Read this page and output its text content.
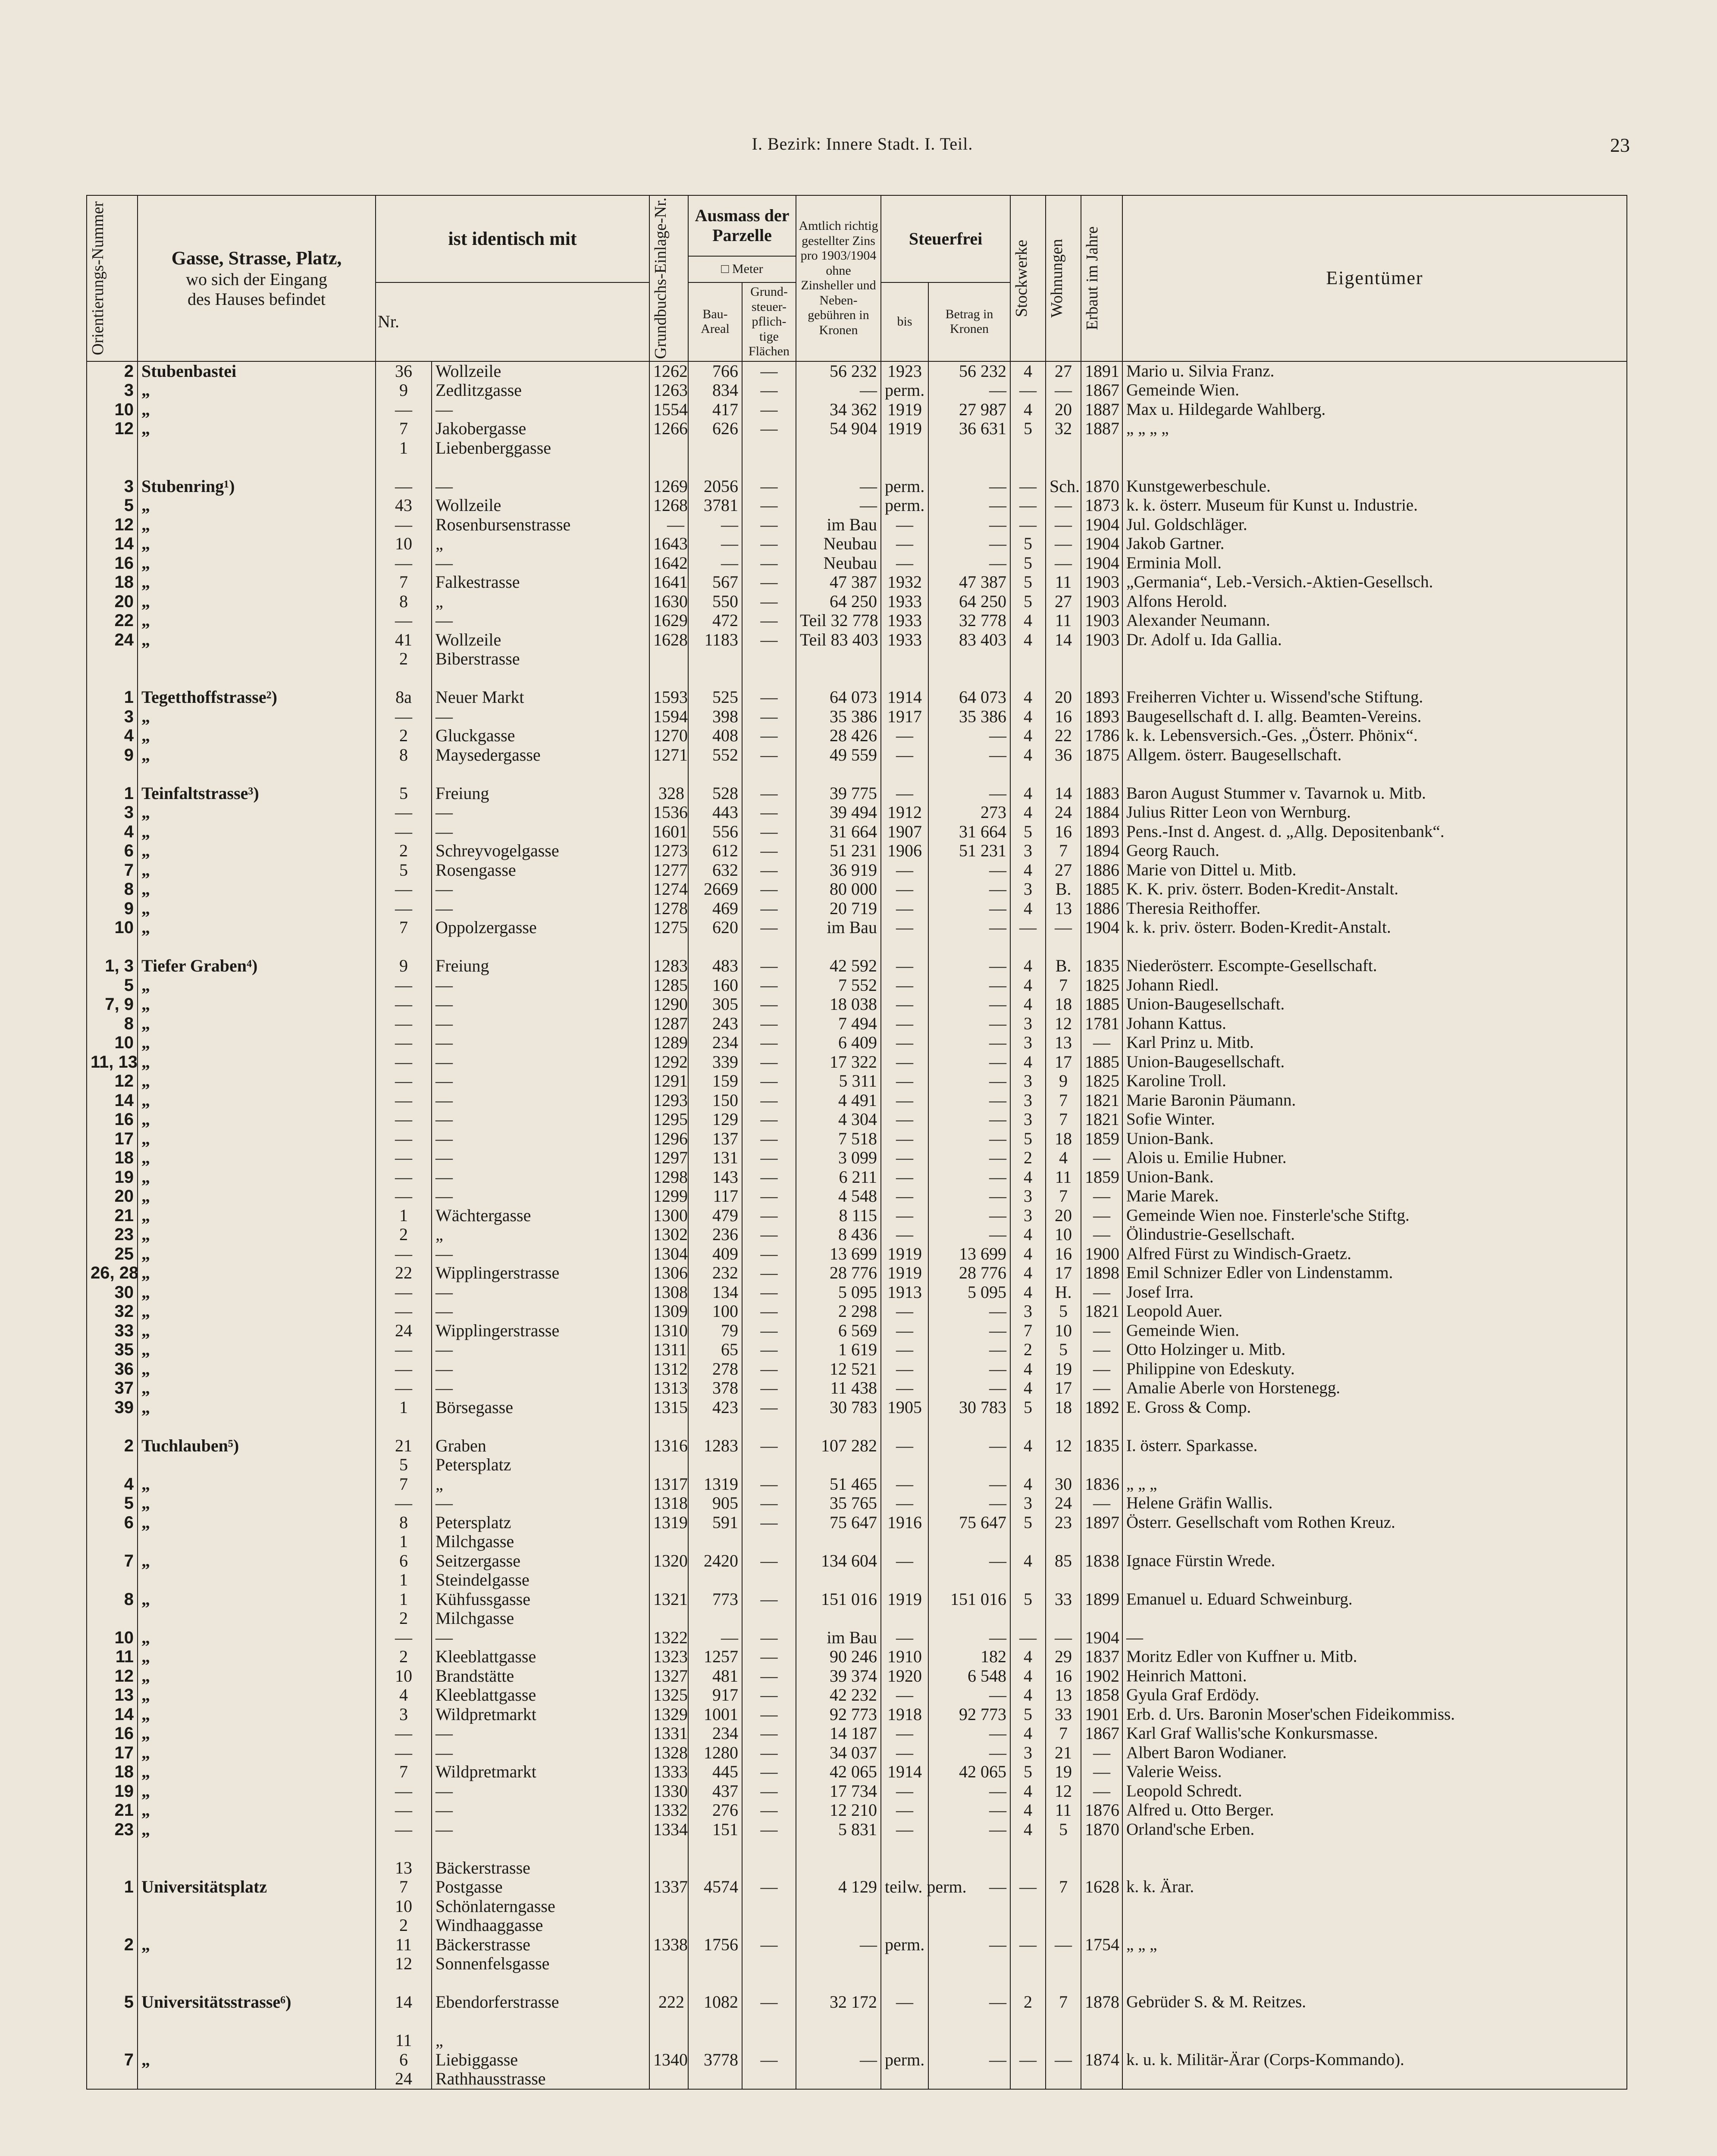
I. Bezirk: Innere Stadt. I. Teil.	23
Orientierungs-Nummer	Gasse, Strasse, Platz,
wo sich der Eingang
des Hauses befindet	ist identisch mit		Grundbuchs-Einlage-Nr.	Ausmass der Parzelle		Amtlich richtig gestellter Zins pro 1903/1904 ohne Zinsheller und Neben-gebühren in Kronen	Steuerfrei		Stockwerke	Wohnungen	Erbaut im Jahre	Eigentümer
					□ Meter								

		Nr.			Bau-Areal	Grund-steuer-pflich-tige Flächen		bis	Betrag in Kronen				
2	Stubenbastei	36	Wollzeile	1262	766	—	56 232	1923	56 232	4	27	1891	Mario u. Silvia Franz.
3	„	9	Zedlitzgasse	1263	834	—	—	perm.	—	—	—	1867	Gemeinde Wien.
10	„	—	—	1554	417	—	34 362	1919	27 987	4	20	1887	Max u. Hildegarde Wahlberg.
12	„	7	Jakobergasse	1266	626	—	54 904	1919	36 631	5	32	1887	„ „ „ „
		1	Liebenberggasse										

3	Stubenring¹)	—	—	1269	2056	—	—	perm.	—	—	Sch.	1870	Kunstgewerbeschule.
5	„	43	Wollzeile	1268	3781	—	—	perm.	—	—	—	1873	k. k. österr. Museum für Kunst u. Industrie.
12	„	—	Rosenbursenstrasse	—	—	—	im Bau	—	—	—	—	1904	Jul. Goldschläger.
14	„	10	„	1643	—	—	Neubau	—	—	5	—	1904	Jakob Gartner.
16	„	—	—	1642	—	—	Neubau	—	—	5	—	1904	Erminia Moll.
18	„	7	Falkestrasse	1641	567	—	47 387	1932	47 387	5	11	1903	„Germania“, Leb.-Versich.-Aktien-Gesellsch.
20	„	8	„	1630	550	—	64 250	1933	64 250	5	27	1903	Alfons Herold.
22	„	—	—	1629	472	—	Teil 32 778	1933	32 778	4	11	1903	Alexander Neumann.
24	„	41	Wollzeile	1628	1183	—	Teil 83 403	1933	83 403	4	14	1903	Dr. Adolf u. Ida Gallia.
		2	Biberstrasse										

1	Tegetthoffstrasse²)	8a	Neuer Markt	1593	525	—	64 073	1914	64 073	4	20	1893	Freiherren Vichter u. Wissend'sche Stiftung.
3	„	—	—	1594	398	—	35 386	1917	35 386	4	16	1893	Baugesellschaft d. I. allg. Beamten-Vereins.
4	„	2	Gluckgasse	1270	408	—	28 426	—	—	4	22	1786	k. k. Lebensversich.-Ges. „Österr. Phönix“.
9	„	8	Maysedergasse	1271	552	—	49 559	—	—	4	36	1875	Allgem. österr. Baugesellschaft.

1	Teinfaltstrasse³)	5	Freiung	328	528	—	39 775	—	—	4	14	1883	Baron August Stummer v. Tavarnok u. Mitb.
3	„	—	—	1536	443	—	39 494	1912	273	4	24	1884	Julius Ritter Leon von Wernburg.
4	„	—	—	1601	556	—	31 664	1907	31 664	5	16	1893	Pens.-Inst d. Angest. d. „Allg. Depositenbank“.
6	„	2	Schreyvogelgasse	1273	612	—	51 231	1906	51 231	3	7	1894	Georg Rauch.
7	„	5	Rosengasse	1277	632	—	36 919	—	—	4	27	1886	Marie von Dittel u. Mitb.
8	„	—	—	1274	2669	—	80 000	—	—	3	B.	1885	K. K. priv. österr. Boden-Kredit-Anstalt.
9	„	—	—	1278	469	—	20 719	—	—	4	13	1886	Theresia Reithoffer.
10	„	7	Oppolzergasse	1275	620	—	im Bau	—	—	—	—	1904	k. k. priv. österr. Boden-Kredit-Anstalt.

1, 3	Tiefer Graben⁴)	9	Freiung	1283	483	—	42 592	—	—	4	B.	1835	Niederösterr. Escompte-Gesellschaft.
5	„	—	—	1285	160	—	7 552	—	—	4	7	1825	Johann Riedl.
7, 9	„	—	—	1290	305	—	18 038	—	—	4	18	1885	Union-Baugesellschaft.
8	„	—	—	1287	243	—	7 494	—	—	3	12	1781	Johann Kattus.
10	„	—	—	1289	234	—	6 409	—	—	3	13	—	Karl Prinz u. Mitb.
11, 13	„	—	—	1292	339	—	17 322	—	—	4	17	1885	Union-Baugesellschaft.
12	„	—	—	1291	159	—	5 311	—	—	3	9	1825	Karoline Troll.
14	„	—	—	1293	150	—	4 491	—	—	3	7	1821	Marie Baronin Päumann.
16	„	—	—	1295	129	—	4 304	—	—	3	7	1821	Sofie Winter.
17	„	—	—	1296	137	—	7 518	—	—	5	18	1859	Union-Bank.
18	„	—	—	1297	131	—	3 099	—	—	2	4	—	Alois u. Emilie Hubner.
19	„	—	—	1298	143	—	6 211	—	—	4	11	1859	Union-Bank.
20	„	—	—	1299	117	—	4 548	—	—	3	7	—	Marie Marek.
21	„	1	Wächtergasse	1300	479	—	8 115	—	—	3	20	—	Gemeinde Wien noe. Finsterle'sche Stiftg.
23	„	2	„	1302	236	—	8 436	—	—	4	10	—	Ölindustrie-Gesellschaft.
25	„	—	—	1304	409	—	13 699	1919	13 699	4	16	1900	Alfred Fürst zu Windisch-Graetz.
26, 28	„	22	Wipplingerstrasse	1306	232	—	28 776	1919	28 776	4	17	1898	Emil Schnizer Edler von Lindenstamm.
30	„	—	—	1308	134	—	5 095	1913	5 095	4	H.	—	Josef Irra.
32	„	—	—	1309	100	—	2 298	—	—	3	5	1821	Leopold Auer.
33	„	24	Wipplingerstrasse	1310	79	—	6 569	—	—	7	10	—	Gemeinde Wien.
35	„	—	—	1311	65	—	1 619	—	—	2	5	—	Otto Holzinger u. Mitb.
36	„	—	—	1312	278	—	12 521	—	—	4	19	—	Philippine von Edeskuty.
37	„	—	—	1313	378	—	11 438	—	—	4	17	—	Amalie Aberle von Horstenegg.
39	„	1	Börsegasse	1315	423	—	30 783	1905	30 783	5	18	1892	E. Gross & Comp.

2	Tuchlauben⁵)	21	Graben	1316	1283	—	107 282	—	—	4	12	1835	I. österr. Sparkasse.
		5	Petersplatz										
4	„	7	„	1317	1319	—	51 465	—	—	4	30	1836	„ „ „
5	„	—	—	1318	905	—	35 765	—	—	3	24	—	Helene Gräfin Wallis.
6	„	8	Petersplatz	1319	591	—	75 647	1916	75 647	5	23	1897	Österr. Gesellschaft vom Rothen Kreuz.
		1	Milchgasse										
7	„	6	Seitzergasse	1320	2420	—	134 604	—	—	4	85	1838	Ignace Fürstin Wrede.
		1	Steindelgasse										
8	„	1	Kühfussgasse	1321	773	—	151 016	1919	151 016	5	33	1899	Emanuel u. Eduard Schweinburg.
		2	Milchgasse										
10	„	—	—	1322	—	—	im Bau	—	—	—	—	1904	—
11	„	2	Kleeblattgasse	1323	1257	—	90 246	1910	182	4	29	1837	Moritz Edler von Kuffner u. Mitb.
12	„	10	Brandstätte	1327	481	—	39 374	1920	6 548	4	16	1902	Heinrich Mattoni.
13	„	4	Kleeblattgasse	1325	917	—	42 232	—	—	4	13	1858	Gyula Graf Erdödy.
14	„	3	Wildpretmarkt	1329	1001	—	92 773	1918	92 773	5	33	1901	Erb. d. Urs. Baronin Moser'schen Fideikommiss.
16	„	—	—	1331	234	—	14 187	—	—	4	7	1867	Karl Graf Wallis'sche Konkursmasse.
17	„	—	—	1328	1280	—	34 037	—	—	3	21	—	Albert Baron Wodianer.
18	„	7	Wildpretmarkt	1333	445	—	42 065	1914	42 065	5	19	—	Valerie Weiss.
19	„	—	—	1330	437	—	17 734	—	—	4	12	—	Leopold Schredt.
21	„	—	—	1332	276	—	12 210	—	—	4	11	1876	Alfred u. Otto Berger.
23	„	—	—	1334	151	—	5 831	—	—	4	5	1870	Orland'sche Erben.

		13	Bäckerstrasse										
1	Universitätsplatz	7	Postgasse	1337	4574	—	4 129	teilw. perm.	—	—	7	1628	k. k. Ärar.
		10	Schönlaterngasse										
		2	Windhaaggasse										
2	„	11	Bäckerstrasse	1338	1756	—	—	perm.	—	—	—	1754	„ „ „
		12	Sonnenfelsgasse										

5	Universitätsstrasse⁶)	14	Ebendorferstrasse	222	1082	—	32 172	—	—	2	7	1878	Gebrüder S. & M. Reitzes.

		11	„										
7	„	6	Liebiggasse	1340	3778	—	—	perm.	—	—	—	1874	k. u. k. Militär-Ärar (Corps-Kommando).
		24	Rathhausstrasse										
